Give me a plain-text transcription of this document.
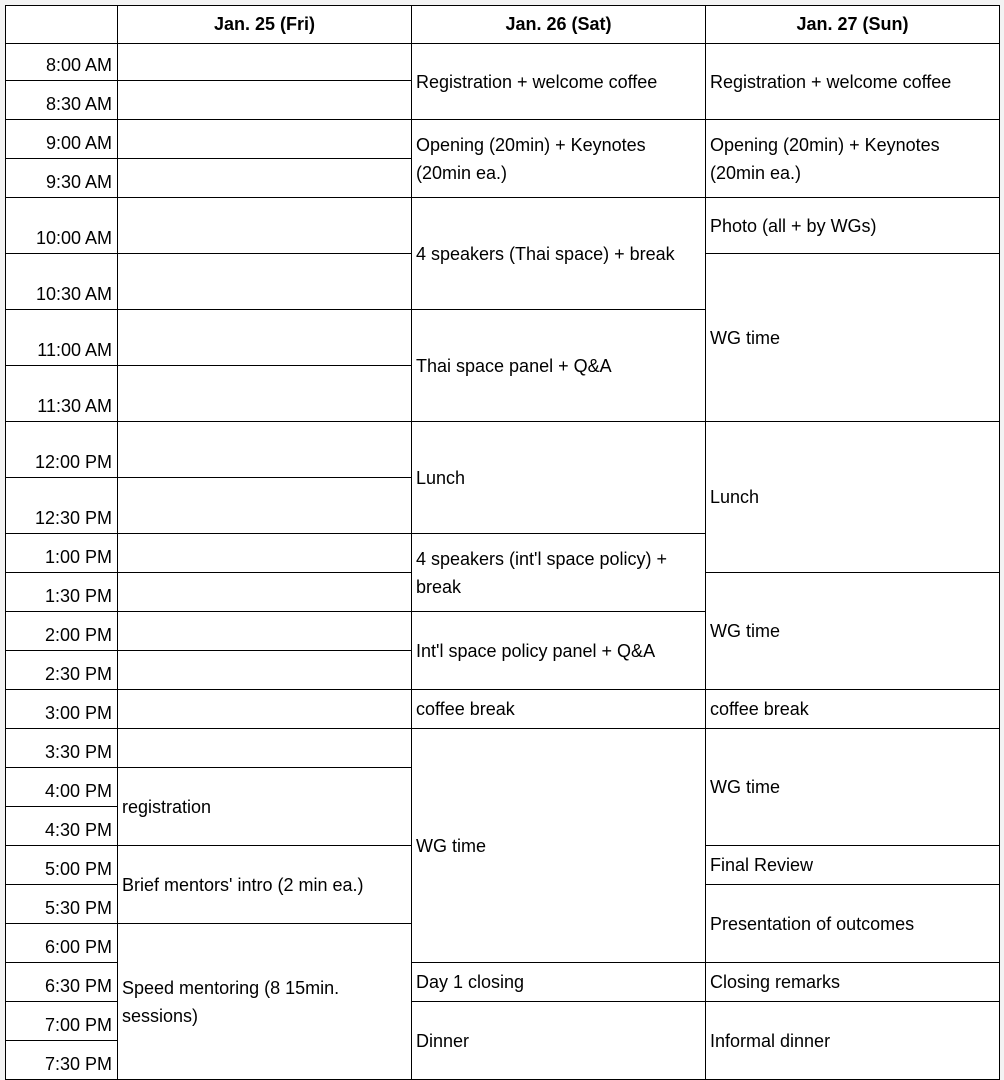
	Jan. 25 (Fri)	Jan. 26 (Sat)	Jan. 27 (Sun)
8:00 AM		Registration + welcome coffee	Registration + welcome coffee
8:30 AM			
9:00 AM		Opening (20min) + Keynotes (20min ea.)	Opening (20min) + Keynotes (20min ea.)
9:30 AM			
10:00 AM		4 speakers (Thai space) + break	Photo (all + by WGs)
10:30 AM			WG time
11:00 AM		Thai space panel + Q&A	
11:30 AM			
12:00 PM		Lunch	Lunch
12:30 PM			
1:00 PM		4 speakers (int'l space policy) + break	
1:30 PM			WG time
2:00 PM		Int'l space policy panel + Q&A	
2:30 PM			
3:00 PM		coffee break	coffee break
3:30 PM		WG time	WG time
4:00 PM	registration		
4:30 PM			
5:00 PM	Brief mentors' intro (2 min ea.)		Final Review
5:30 PM			Presentation of outcomes
6:00 PM	Speed mentoring (8 15min. sessions)		
6:30 PM		Day 1 closing	Closing remarks
7:00 PM		Dinner	Informal dinner
7:30 PM			
